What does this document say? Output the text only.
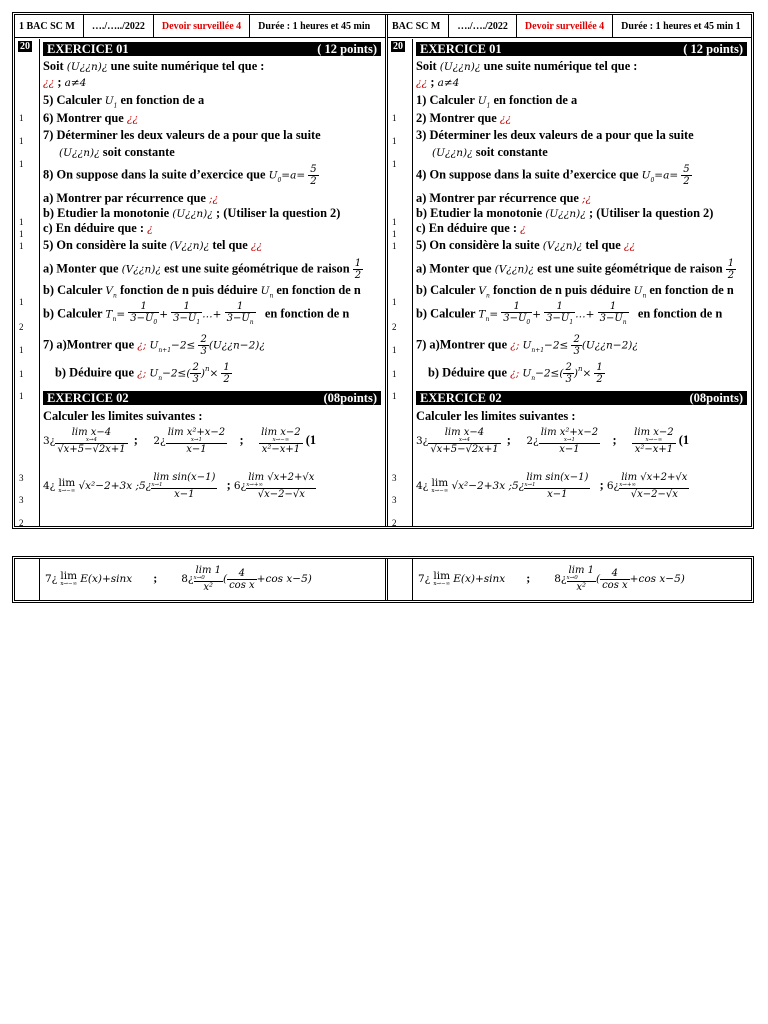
1 BAC SC M …./…../2022 Devoir surveillée 4 Durée : 1 heures et 45 min
20
1
1
1
1
1
1
1
2
1
1
1
3
3
2
EXERCICE 01	( 12 points)
Soit (U¿¿n)¿ une suite numérique tel que :
¿¿ ; a≠4
5) Calculer $U_1$ en fonction de a
6) Montrer que ¿¿
7) Déterminer les deux valeurs de a pour que la suite
(U¿¿n)¿ soit constante
8) On suppose dans la suite d’exercice que $U_0=a= \frac{5}{2}$
a) Montrer par récurrence que ;¿
b) Etudier la monotonie (U¿¿n)¿ ; (Utiliser la question 2)
c) En déduire que : ¿
5) On considère la suite (V¿¿n)¿ tel que ¿¿
a) Monter que (V¿¿n)¿ est une suite géométrique de raison $\frac{1}{2}$
b) Calculer $V_n$ fonction de n puis déduire $U_n$ en fonction de n
b) Calculer $T_n= \frac{1}{3-U_0} + \frac{1}{3-U_1}$ …+ $\frac{1}{3-U_n}$ en fonction de n
7) a)Montrer que ¿; $U_{n+1}-2\le \frac{2}{3}$ (U¿¿n−2)¿
b) Déduire que ¿; $U_n-2\le( \frac{2}{3} )^n\times \frac{1}{2}$
EXERCICE 02	(08points)
Calculer les limites suivantes :
3¿
lim x−4
x→4
√x+5−√2x+1
;     2¿
lim x²+x−2
x→1
x−1
;
lim x−2
x→−∞
x²−x+1
(1
4¿ lim
x→−∞ √x²−2+3x ;5¿
lim sin(x−1)
x→1
x−1
; 6¿
lim √x+2+√x
x→+∞
√x−2−√x
BAC SC M …./…./2022 Devoir surveillée 4 Durée : 1 heures et 45 min 1
20
1
1
1
1
1
1
1
2
1
1
1
3
3
2
EXERCICE 01	( 12 points)
Soit (U¿¿n)¿ une suite numérique tel que :
¿¿ ; a≠4
1) Calculer $U_1$ en fonction de a
2) Montrer que ¿¿
3) Déterminer les deux valeurs de a pour que la suite
(U¿¿n)¿ soit constante
4) On suppose dans la suite d’exercice que $U_0=a= \frac{5}{2}$
a) Montrer par récurrence que ;¿
b) Etudier la monotonie (U¿¿n)¿ ; (Utiliser la question 2)
c) En déduire que : ¿
5) On considère la suite (V¿¿n)¿ tel que ¿¿
a) Monter que (V¿¿n)¿ est une suite géométrique de raison $\frac{1}{2}$
b) Calculer $V_n$ fonction de n puis déduire $U_n$ en fonction de n
b) Calculer $T_n= \frac{1}{3-U_0} + \frac{1}{3-U_1}$ …+ $\frac{1}{3-U_n}$ en fonction de n
7) a)Montrer que ¿; $U_{n+1}-2\le \frac{2}{3}$ (U¿¿n−2)¿
b) Déduire que ¿; $U_n-2\le( \frac{2}{3} )^n\times \frac{1}{2}$
EXERCICE 02	(08points)
Calculer les limites suivantes :
3¿
lim x−4
x→4
√x+5−√2x+1
;     2¿
lim x²+x−2
x→1
x−1
;
lim x−2
x→−∞
x²−x+1
(1
4¿ lim
x→−∞ √x²−2+3x ;5¿
lim sin(x−1)
x→1
x−1
; 6¿
lim √x+2+√x
x→+∞
√x−2−√x
7¿ lim
x→−∞ E(x)+sinx       ;        8¿
lim 1
x→0
x²
( $\frac{4}{\text{cos x}} +\cos$ x−5)	7¿ lim
x→−∞ E(x)+sinx       ;        8¿
lim 1
x→0
x²
( $\frac{4}{\text{cos x}} +\cos$ x−5)
